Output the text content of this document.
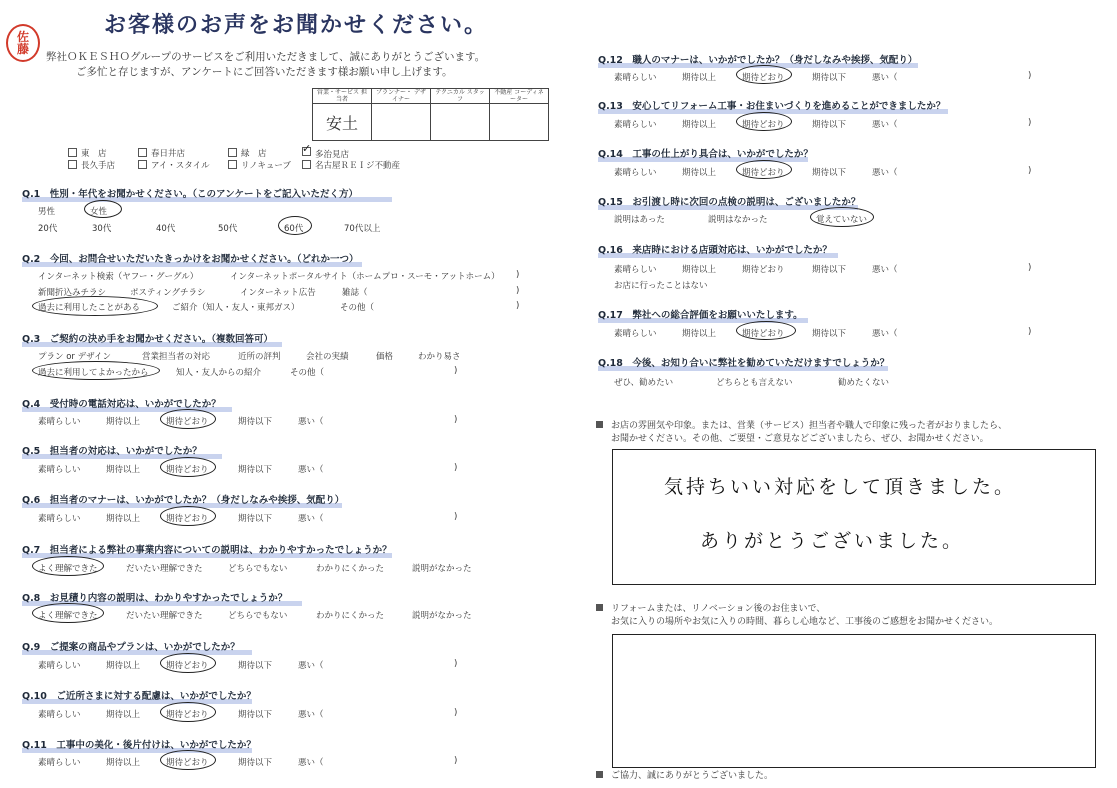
佐
藤
お客様のお声をお聞かせください。
弊社ＯＫＥＳＨＯグループのサービスをご利用いただきまして、誠にありがとうございます。
ご多忙と存じますが、アンケートにご回答いただきます様お願い申し上げます。
営業・サービス 担当者	プランナー・ デザイナー	テクニカル スタッフ	不動産 コーディネーター
安土			
東　店	春日井店	緑　店 ✓	多治見店
長久手店	アイ・スタイル	リノキューブ	名古屋ＲＥＩジ不動産
Q.1　性別・年代をお聞かせください。（このアンケートをご記入いただく方）
男性	女性
20代	30代	40代	50代	60代	70代以上
Q.2　今回、お問合せいただいたきっかけをお聞かせください。（どれか一つ）
インターネット検索（ヤフー・グーグル）	インターネットポータルサイト（ホームプロ・スーモ・アットホーム）
)
新聞折込みチラシ	ポスティングチラシ	インターネット広告	雑誌（
)
過去に利用したことがある	ご紹介（知人・友人・東邦ガス）	その他（	)
Q.3　ご契約の決め手をお聞かせください。（複数回答可）
プラン or デザイン	営業担当者の対応	近所の評判	会社の実績	価格	わかり易さ
過去に利用してよかったから	知人・友人からの紹介	その他（	)
Q.4　受付時の電話対応は、いかがでしたか？
素晴らしい	期待以上	期待どおり	期待以下	悪い（	)
Q.5　担当者の対応は、いかがでしたか？
素晴らしい	期待以上	期待どおり	期待以下	悪い（	)
Q.6　担当者のマナーは、いかがでしたか？（身だしなみや挨拶、気配り）
素晴らしい	期待以上	期待どおり	期待以下	悪い（	)
Q.7　担当者による弊社の事業内容についての説明は、わかりやすかったでしょうか？
よく理解できた	だいたい理解できた	どちらでもない	わかりにくかった	説明がなかった
Q.8　お見積り内容の説明は、わかりやすかったでしょうか？
よく理解できた	だいたい理解できた	どちらでもない	わかりにくかった	説明がなかった
Q.9　ご提案の商品やプランは、いかがでしたか？
素晴らしい	期待以上	期待どおり	期待以下	悪い（	)
Q.10　ご近所さまに対する配慮は、いかがでしたか？
素晴らしい	期待以上	期待どおり	期待以下	悪い（	)
Q.11　工事中の美化・後片付けは、いかがでしたか？
素晴らしい	期待以上	期待どおり	期待以下	悪い（	)
Q.12　職人のマナーは、いかがでしたか？（身だしなみや挨拶、気配り）
素晴らしい	期待以上	期待どおり	期待以下	悪い（	)
Q.13　安心してリフォーム工事・お住まいづくりを進めることができましたか？
素晴らしい	期待以上	期待どおり	期待以下	悪い（	)
Q.14　工事の仕上がり具合は、いかがでしたか？
素晴らしい	期待以上	期待どおり	期待以下	悪い（	)
Q.15　お引渡し時に次回の点検の説明は、ございましたか？
説明はあった	説明はなかった	覚えていない
Q.16　来店時における店頭対応は、いかがでしたか？
素晴らしい	期待以上	期待どおり	期待以下	悪い（	)
お店に行ったことはない
Q.17　弊社への総合評価をお願いいたします。
素晴らしい	期待以上	期待どおり	期待以下	悪い（	)
Q.18　今後、お知り合いに弊社を勧めていただけますでしょうか？
ぜひ、勧めたい	どちらとも言えない	勧めたくない
お店の雰囲気や印象。または、営業（サービス）担当者や職人で印象に残った者がおりましたら、
お聞かせください。その他、ご要望・ご意見などございましたら、ぜひ、お聞かせください。
気持ちいい対応をして頂きました。
ありがとうございました。
リフォームまたは、リノベーション後のお住まいで、
お気に入りの場所やお気に入りの時間、暮らし心地など、工事後のご感想をお聞かせください。
ご協力、誠にありがとうございました。
